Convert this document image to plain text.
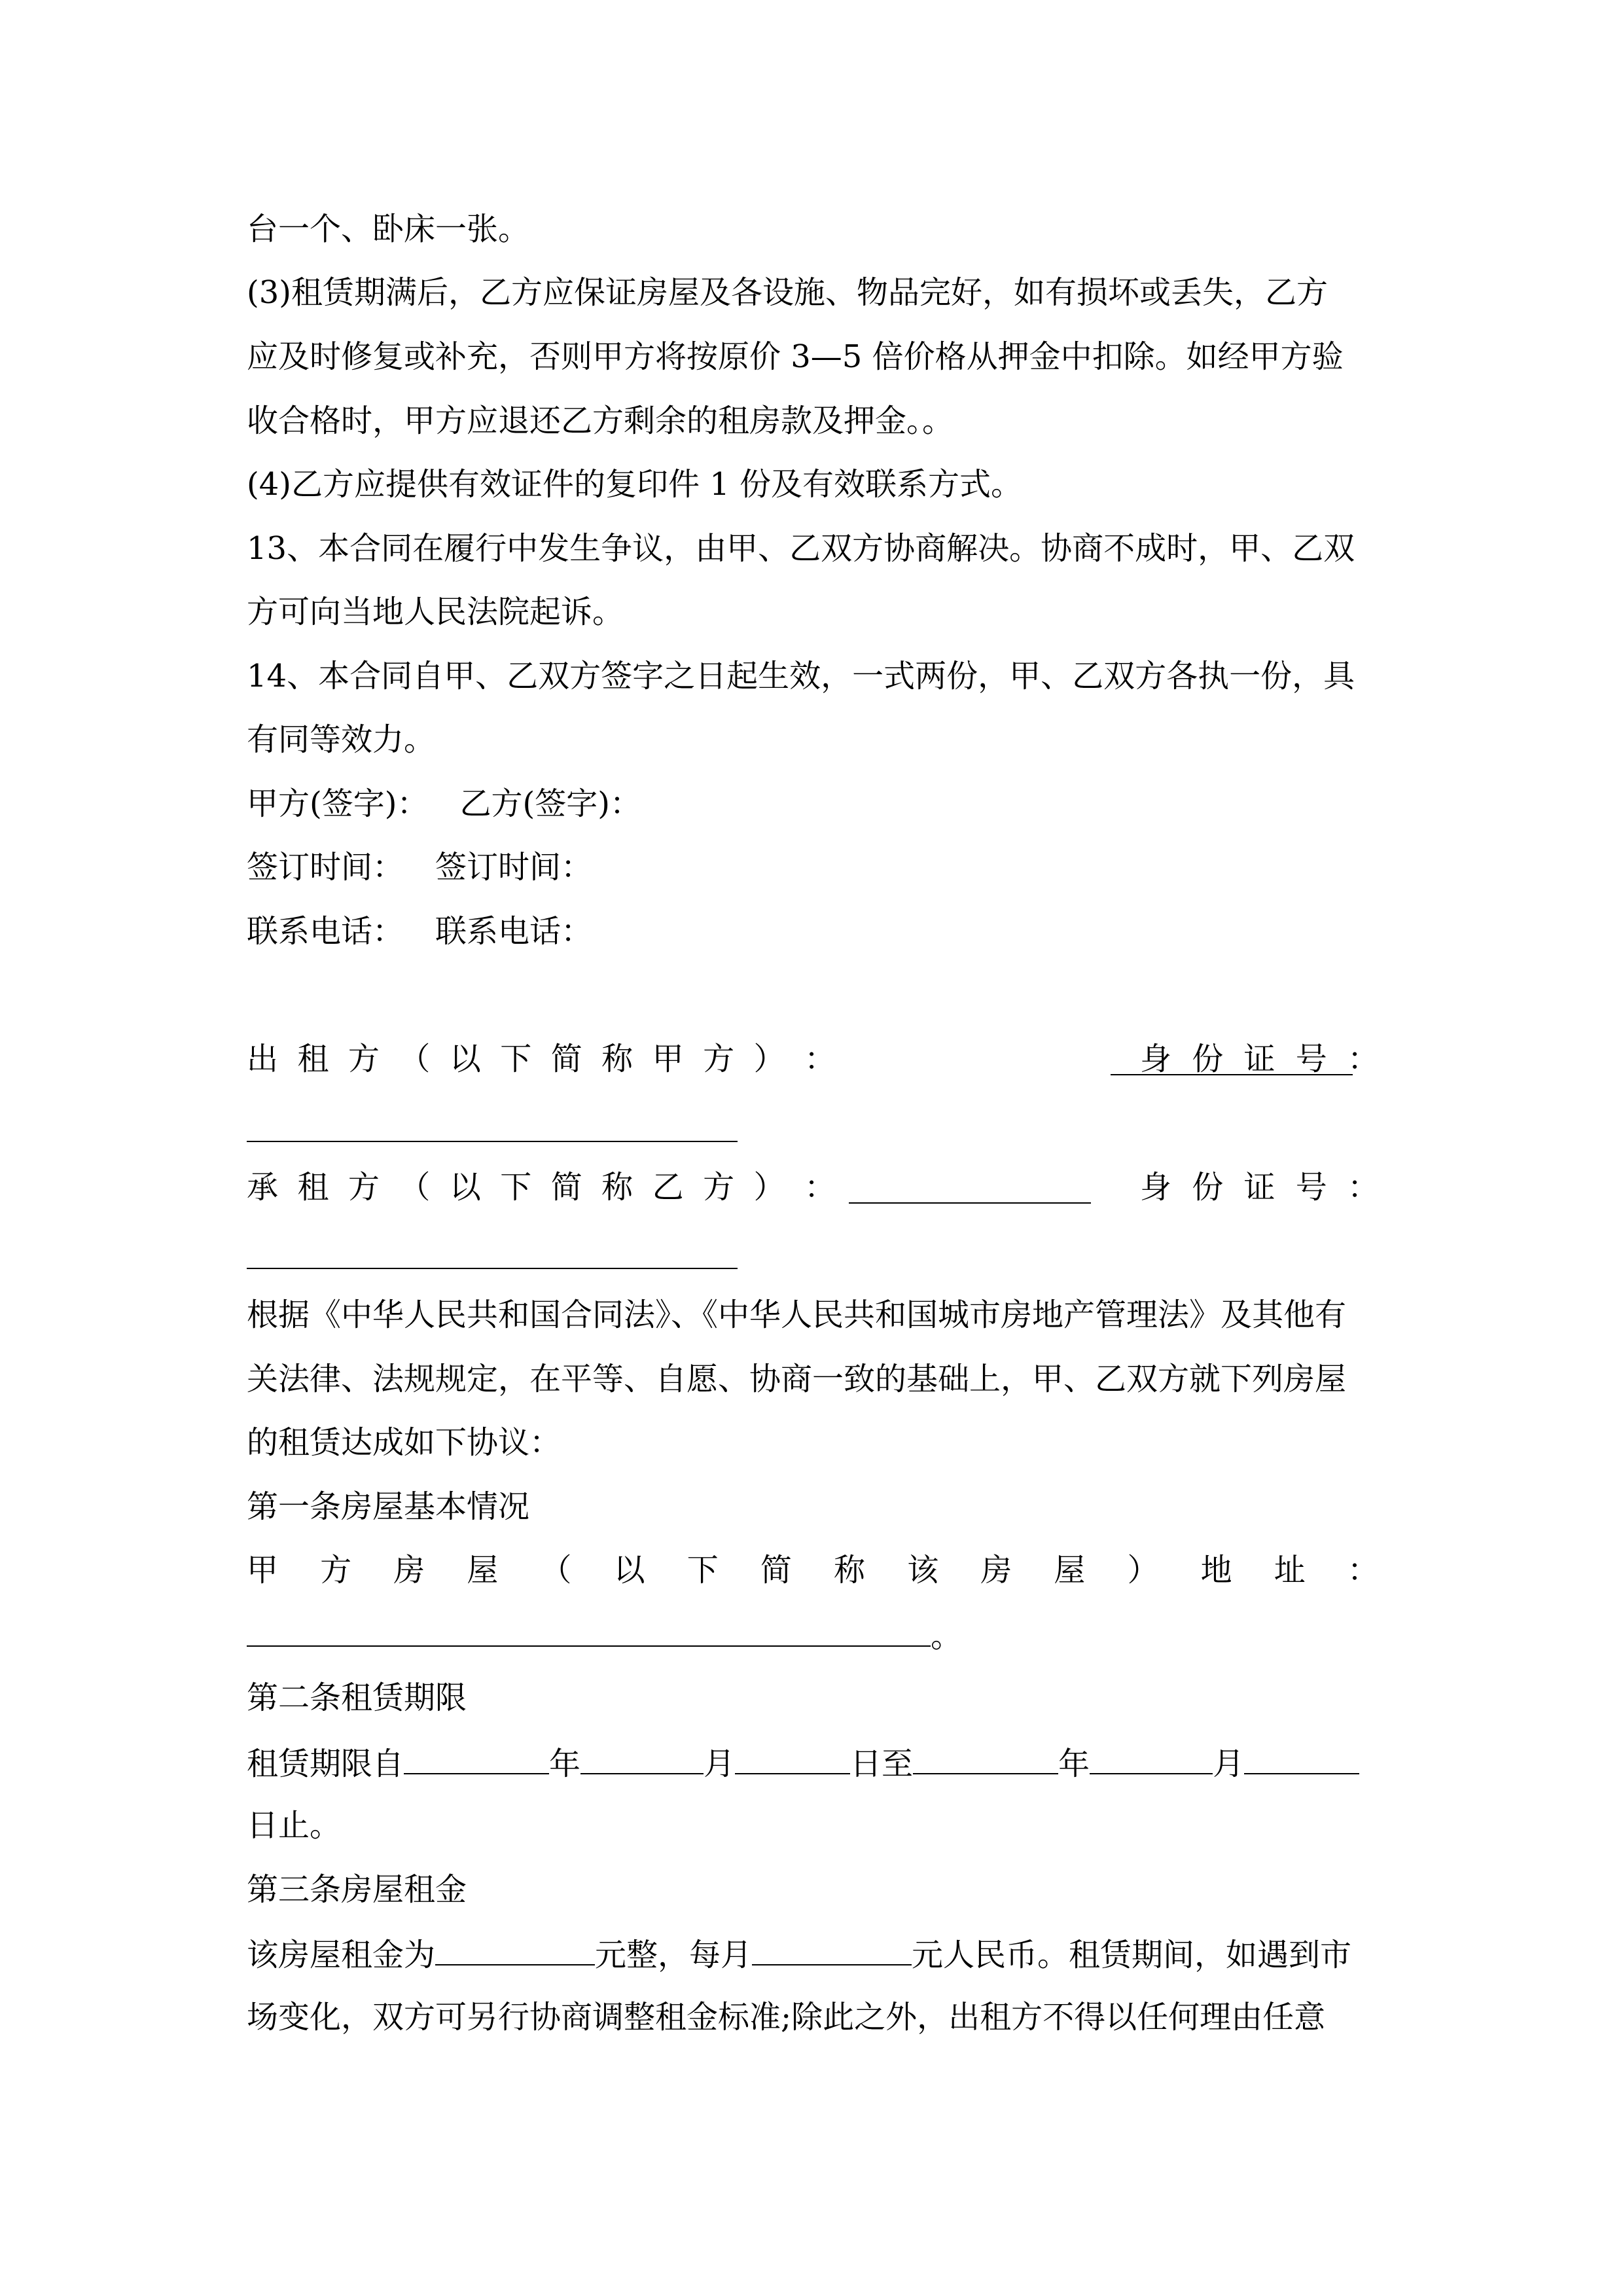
台一个、卧床一张。
(3)租赁期满后，乙方应保证房屋及各设施、物品完好，如有损坏或丢失，乙方
应及时修复或补充，否则甲方将按原价 3—5 倍价格从押金中扣除。如经甲方验
收合格时，甲方应退还乙方剩余的租房款及押金。。
(4)乙方应提供有效证件的复印件 1 份及有效联系方式。
13、本合同在履行中发生争议，由甲、乙双方协商解决。协商不成时，甲、乙双
方可向当地人民法院起诉。
14、本合同自甲、乙双方签字之日起生效，一式两份，甲、乙双方各执一份，具
有同等效力。
甲方(签字)： 乙方(签字)：
签订时间： 签订时间：
联系电话： 联系电话：
出 租 方 （ 以 下 简 称 甲 方 ） ：	身 份 证 号 ：
承 租 方 （ 以 下 简 称 乙 方 ） ：	身 份 证 号 ：
根据《中华人民共和国合同法》、《中华人民共和国城市房地产管理法》及其他有
关法律、法规规定，在平等、自愿、协商一致的基础上，甲、乙双方就下列房屋
的租赁达成如下协议：
第一条房屋基本情况
甲 方 房 屋 （ 以 下 简 称 该 房 屋 ） 地 址 ：
。
第二条租赁期限
租赁期限自	年	月	日至	年	月
日止。
第三条房屋租金
该房屋租金为	元整，每月	元人民币。租赁期间，如遇到市
场变化，双方可另行协商调整租金标准;除此之外，出租方不得以任何理由任意
